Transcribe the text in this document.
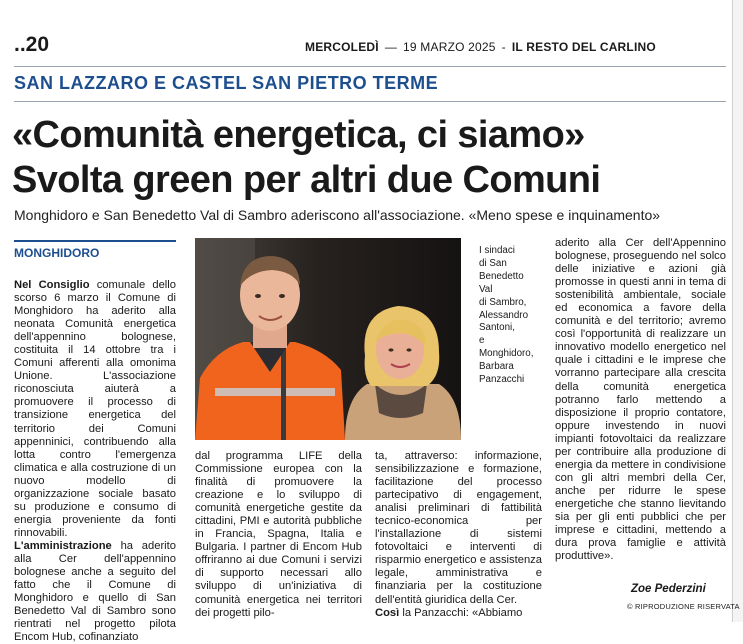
..20	MERCOLEDÌ — 19 MARZO 2025 - IL RESTO DEL CARLINO
SAN LAZZARO E CASTEL SAN PIETRO TERME
«Comunità energetica, ci siamo»
Svolta green per altri due Comuni
Monghidoro e San Benedetto Val di Sambro aderiscono all'associazione. «Meno spese e inquinamento»
MONGHIDORO

Nel Consiglio comunale dello scorso 6 marzo il Comune di Monghidoro ha aderito alla neonata Comunità energetica dell'appennino bolognese, costituita il 14 ottobre tra i Comuni afferenti alla omonima Unione. L'associazione riconosciuta aiuterà a promuovere il processo di transizione energetica del territorio dei Comuni appenninici, contribuendo alla lotta contro l'emergenza climatica e alla costruzione di un nuovo modello di organizzazione sociale basato su produzione e consumo di energia proveniente da fonti rinnovabili.

L'amministrazione ha aderito alla Cer dell'appennino bolognese anche a seguito del fatto che il Comune di Monghidoro e quello di San Benedetto Val di Sambro sono rientrati nel progetto pilota Encom Hub, cofinanziato

I sindaci
di San
Benedetto
Val
di Sambro,
Alessandro
Santoni,
e
Monghidoro,
Barbara
Panzacchi

dal programma LIFE della Commissione europea con la finalità di promuovere la creazione e lo sviluppo di comunità energetiche gestite da cittadini, PMI e autorità pubbliche in Francia, Spagna, Italia e Bulgaria. I partner di Encom Hub offriranno ai due Comuni i servizi di supporto necessari allo sviluppo di un'iniziativa di comunità energetica nei territori dei progetti pilo-

ta, attraverso: informazione, sensibilizzazione e formazione, facilitazione del processo partecipativo di engagement, analisi preliminari di fattibilità tecnico-economica per l'installazione di sistemi fotovoltaici e interventi di risparmio energetico e assistenza legale, amministrativa e finanziaria per la costituzione dell'entità giuridica della Cer.

Così la Panzacchi: «Abbiamo

aderito alla Cer dell'Appennino bolognese, proseguendo nel solco delle iniziative e azioni già promosse in questi anni in tema di sostenibilità ambientale, sociale ed economica a favore della comunità e del territorio; avremo così l'opportunità di realizzare un innovativo modello energetico nel quale i cittadini e le imprese che vorranno partecipare alla crescita della comunità energetica potranno farlo mettendo a disposizione il proprio contatore, oppure investendo in nuovi impianti fotovoltaici da realizzare per contribuire alla produzione di energia da mettere in condivisione con gli altri membri della Cer, anche per ridurre le spese energetiche che stanno lievitando sia per gli enti pubblici che per imprese e cittadini, mettendo a dura prova famiglie e attività produttive».

Zoe Pederzini
© RIPRODUZIONE RISERVATA
